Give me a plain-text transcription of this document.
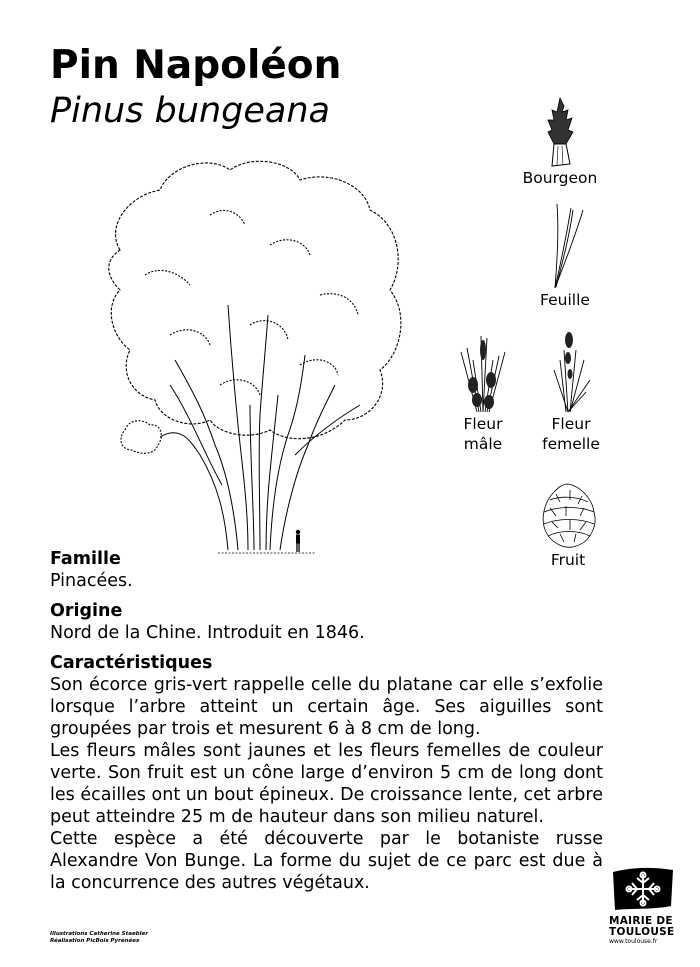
Pin Napoléon
Pinus bungeana
Bourgeon
Feuille
Fleur
mâle
Fleur
femelle
Fruit
Famille
Pinacées.
Origine
Nord de la Chine. Introduit en 1846.
Caractéristiques
Son écorce gris-vert rappelle celle du platane car elle s’exfolie lorsque l’arbre atteint un certain âge. Ses aiguilles sont groupées par trois et mesurent 6 à 8 cm de long.
Les fleurs mâles sont jaunes et les fleurs femelles de couleur verte. Son fruit est un cône large d’environ 5 cm de long dont les écailles ont un bout épineux. De croissance lente, cet arbre peut atteindre 25 m de hauteur dans son milieu naturel.
Cette espèce a été découverte par le botaniste russe Alexandre Von Bunge. La forme du sujet de ce parc est due à la concurrence des autres végétaux.
Illustrations Catherine Staebler
Réalisation PicBois Pyrénées
MAIRIE DE
TOULOUSE
www.toulouse.fr
